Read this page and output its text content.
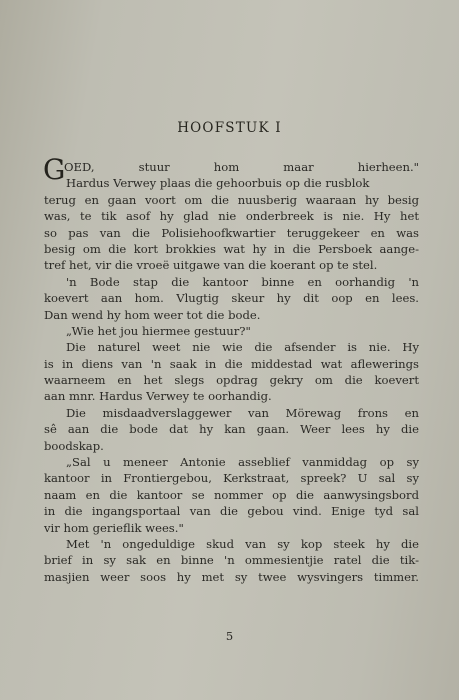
HOOFSTUK I
G
OED, stuur hom maar hierheen."
Hardus Verwey plaas die gehoorbuis op die rusblok
terug en gaan voort om die nuusberig waaraan hy besig
was, te tik asof hy glad nie onderbreek is nie. Hy het
so pas van die Polisiehoofkwartier teruggekeer en was
besig om die kort brokkies wat hy in die Persboek aange-
tref het, vir die vroeë uitgawe van die koerant op te stel.
'n Bode stap die kantoor binne en oorhandig 'n
koevert aan hom. Vlugtig skeur hy dit oop en lees.
Dan wend hy hom weer tot die bode.
„Wie het jou hiermee gestuur?"
Die naturel weet nie wie die afsender is nie. Hy
is in diens van 'n saak in die middestad wat aflewerings
waarneem en het slegs opdrag gekry om die koevert
aan mnr. Hardus Verwey te oorhandig.
Die misdaadverslaggewer van Mörewag frons en
sê aan die bode dat hy kan gaan. Weer lees hy die
boodskap.
„Sal u meneer Antonie asseblief vanmiddag op sy
kantoor in Frontiergebou, Kerkstraat, spreek? U sal sy
naam en die kantoor se nommer op die aanwysingsbord
in die ingangsportaal van die gebou vind. Enige tyd sal
vir hom gerieflik wees."
Met 'n ongeduldige skud van sy kop steek hy die
brief in sy sak en binne 'n ommesientjie ratel die tik-
masjien weer soos hy met sy twee wysvingers timmer.
5
